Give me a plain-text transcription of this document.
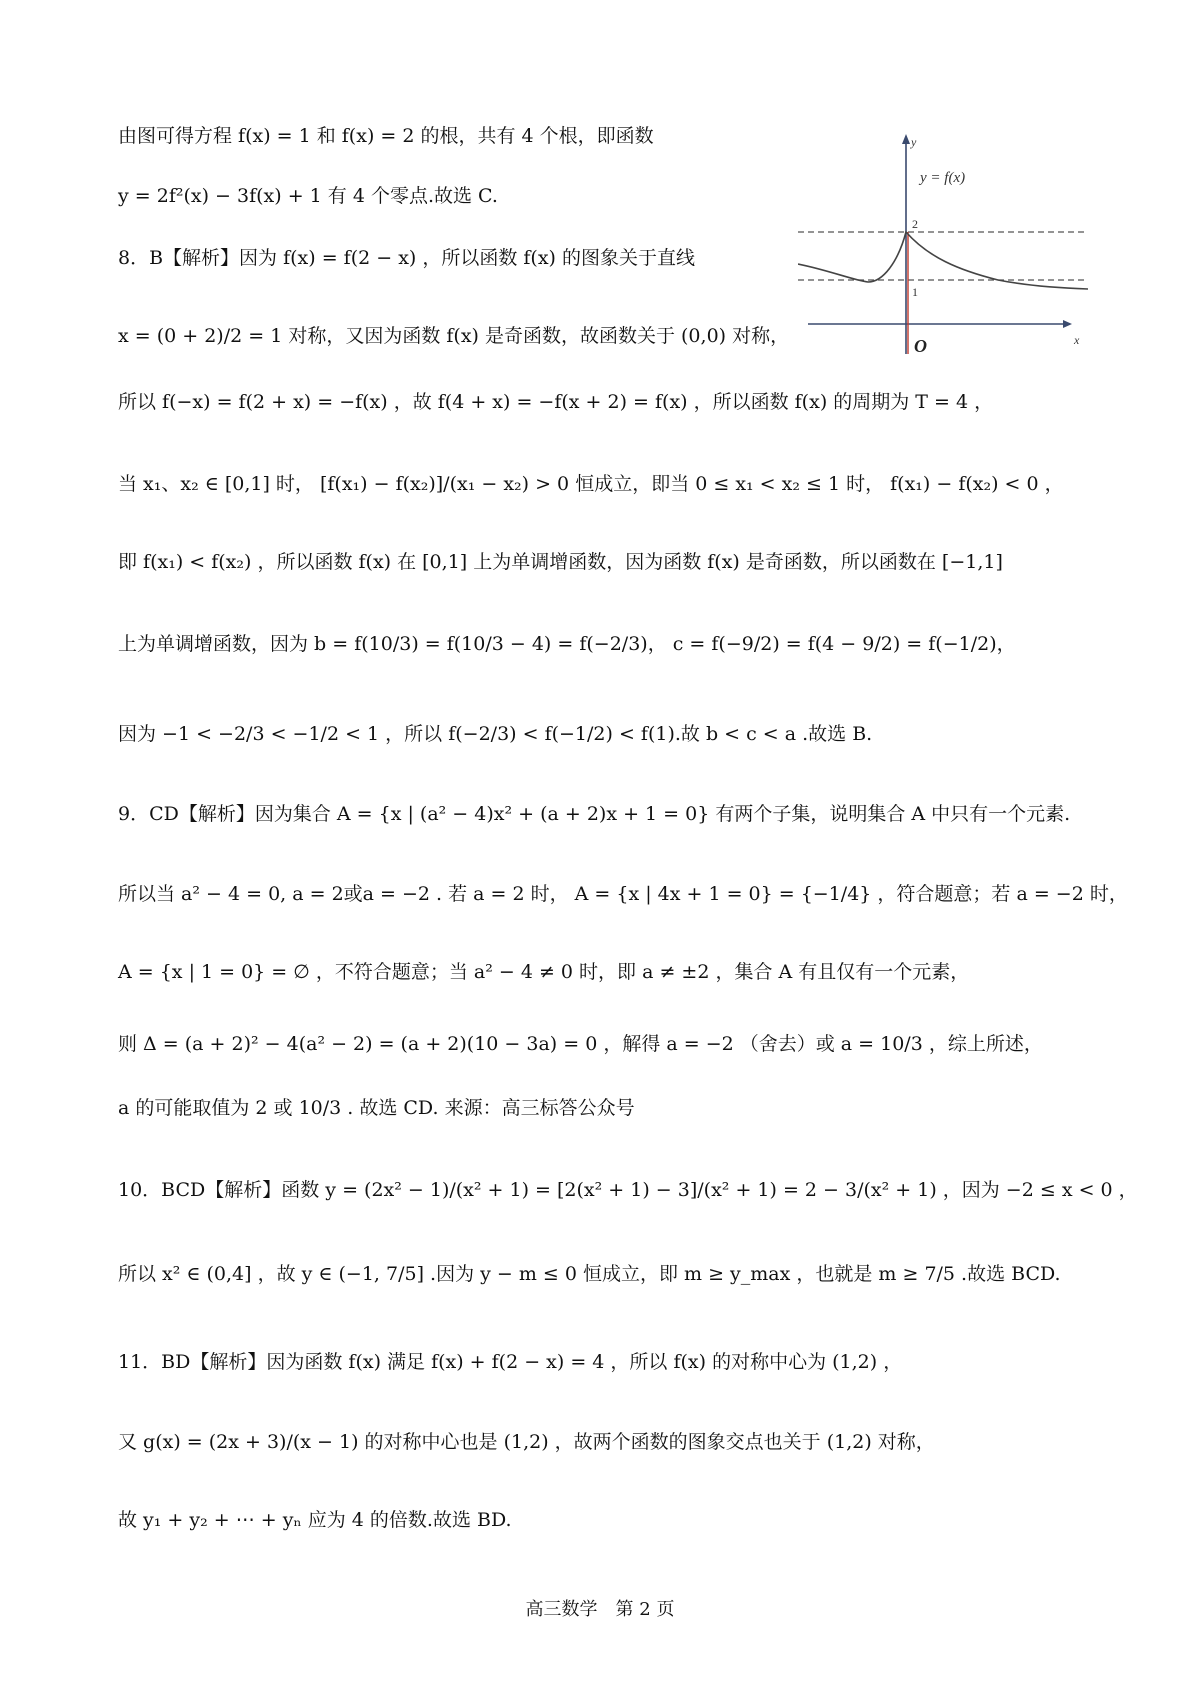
由图可得方程 f(x) = 1 和 f(x) = 2 的根，共有 4 个根，即函数
y = 2f²(x) − 3f(x) + 1 有 4 个零点.故选 C.
8．B【解析】因为 f(x) = f(2 − x) ，所以函数 f(x) 的图象关于直线
x = (0 + 2)/2 = 1 对称，又因为函数 f(x) 是奇函数，故函数关于 (0,0) 对称，
所以 f(−x) = f(2 + x) = −f(x) ，故 f(4 + x) = −f(x + 2) = f(x) ，所以函数 f(x) 的周期为 T = 4 ，
当 x₁、x₂ ∈ [0,1] 时， [f(x₁) − f(x₂)]/(x₁ − x₂) > 0 恒成立，即当 0 ≤ x₁ < x₂ ≤ 1 时， f(x₁) − f(x₂) < 0 ，
即 f(x₁) < f(x₂) ，所以函数 f(x) 在 [0,1] 上为单调增函数，因为函数 f(x) 是奇函数，所以函数在 [−1,1]
上为单调增函数，因为 b = f(10/3) = f(10/3 − 4) = f(−2/3)， c = f(−9/2) = f(4 − 9/2) = f(−1/2)，
因为 −1 < −2/3 < −1/2 < 1 ，所以 f(−2/3) < f(−1/2) < f(1).故 b < c < a .故选 B.
9．CD【解析】因为集合 A = {x | (a² − 4)x² + (a + 2)x + 1 = 0} 有两个子集，说明集合 A 中只有一个元素.
所以当 a² − 4 = 0, a = 2或a = −2 . 若 a = 2 时， A = {x | 4x + 1 = 0} = {−1/4} ，符合题意；若 a = −2 时，
A = {x | 1 = 0} = ∅ ，不符合题意；当 a² − 4 ≠ 0 时，即 a ≠ ±2 ，集合 A 有且仅有一个元素，
则 Δ = (a + 2)² − 4(a² − 2) = (a + 2)(10 − 3a) = 0 ，解得 a = −2 （舍去）或 a = 10/3 ，综上所述，
a 的可能取值为 2 或 10/3 . 故选 CD. 来源：高三标答公众号
10．BCD【解析】函数 y = (2x² − 1)/(x² + 1) = [2(x² + 1) − 3]/(x² + 1) = 2 − 3/(x² + 1) ，因为 −2 ≤ x < 0 ，
所以 x² ∈ (0,4] ，故 y ∈ (−1, 7/5] .因为 y − m ≤ 0 恒成立，即 m ≥ y_max ，也就是 m ≥ 7/5 .故选 BCD.
11．BD【解析】因为函数 f(x) 满足 f(x) + f(2 − x) = 4 ，所以 f(x) 的对称中心为 (1,2) ，
又 g(x) = (2x + 3)/(x − 1) 的对称中心也是 (1,2) ，故两个函数的图象交点也关于 (1,2) 对称，
故 y₁ + y₂ + ⋯ + yₙ 应为 4 的倍数.故选 BD.
y = f(x)
y
x
O
2
1
高三数学　第 2 页
